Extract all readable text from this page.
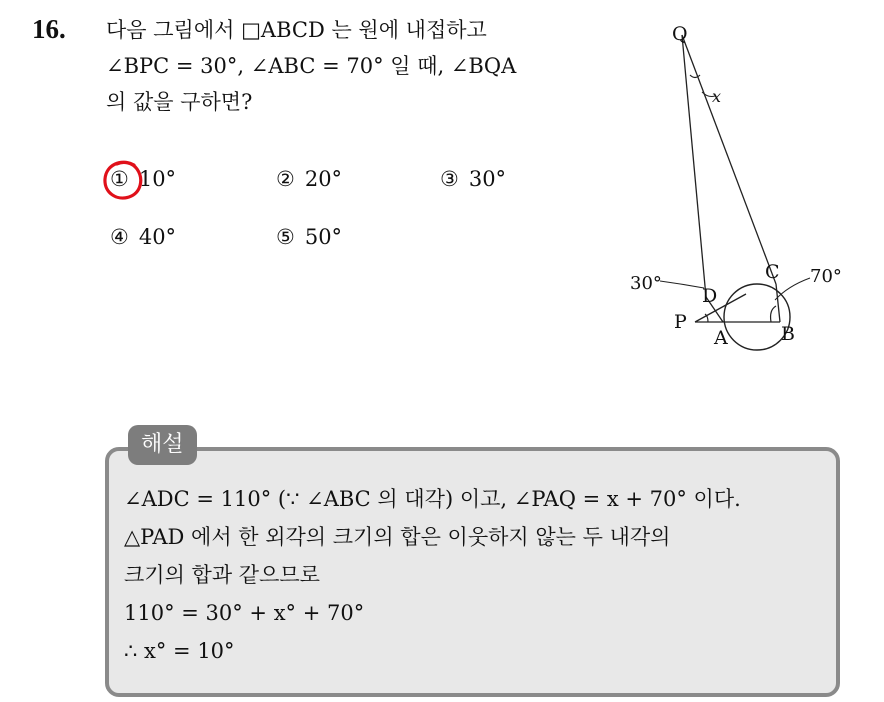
16. 다음 그림에서 □ABCD 는 원에 내접하고
∠BPC = 30°, ∠ABC = 70° 일 때, ∠BQA
의 값을 구하면?
① 10°	② 20°	③ 30°
④ 40°	⑤ 50°
Q
x
C 70°
30°
D
P
A	B
해설
∠ADC = 110° (∵ ∠ABC 의 대각) 이고, ∠PAQ = x + 70° 이다.
△PAD 에서 한 외각의 크기의 합은 이웃하지 않는 두 내각의
크기의 합과 같으므로
110° = 30° + x° + 70°
∴ x° = 10°
